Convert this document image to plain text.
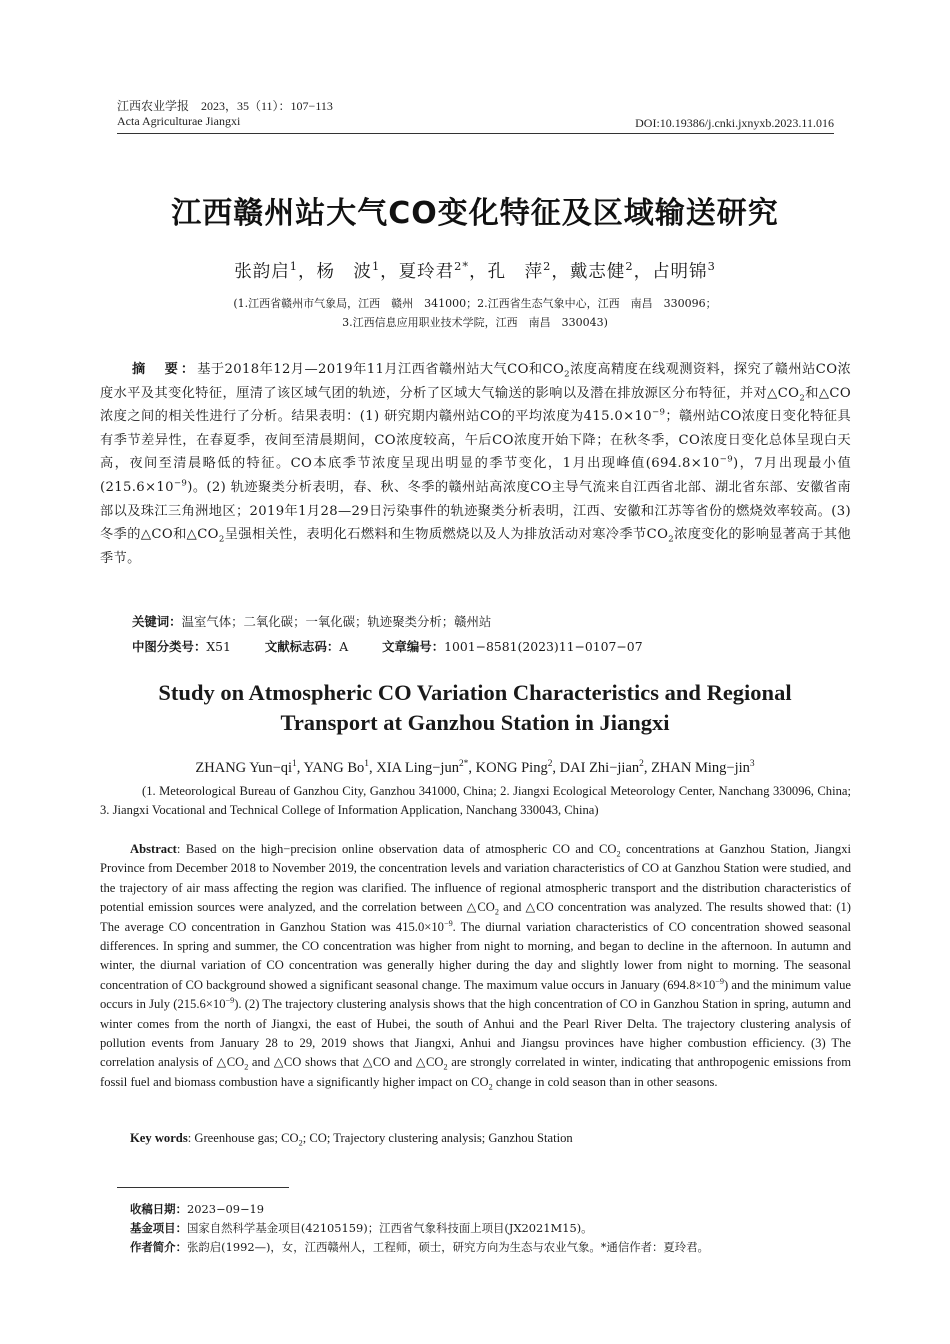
江西农业学报　2023，35（11）：107−113
Acta Agriculturae Jiangxi	DOI:10.19386/j.cnki.jxnyxb.2023.11.016
江西赣州站大气CO变化特征及区域输送研究
张韵启$^1$，杨　波$^1$，夏玲君$^{2*}$，孔　萍$^2$，戴志健$^2$，占明锦$^3$
(1.江西省赣州市气象局，江西　赣州　341000；2.江西省生态气象中心，江西　南昌　330096；
3.江西信息应用职业技术学院，江西　南昌　330043)
摘　要：基于2018年12月—2019年11月江西省赣州站大气CO和$CO_2$浓度高精度在线观测资料，探究了赣州站CO浓度水平及其变化特征，厘清了该区域气团的轨迹，分析了区域大气输送的影响以及潜在排放源区分布特征，并对$\triangle CO_2$和△CO浓度之间的相关性进行了分析。结果表明：(1) 研究期内赣州站CO的平均浓度为$415.0\times 10^{-9}$；赣州站CO浓度日变化特征具有季节差异性，在春夏季，夜间至清晨期间，CO浓度较高，午后CO浓度开始下降；在秋冬季，CO浓度日变化总体呈现白天高，夜间至清晨略低的特征。CO本底季节浓度呈现出明显的季节变化，1月出现峰值$(694.8\times 10^{-9})$，7月出现最小值$(215.6\times 10^{-9})$。(2) 轨迹聚类分析表明，春、秋、冬季的赣州站高浓度CO主导气流来自江西省北部、湖北省东部、安徽省南部以及珠江三角洲地区；2019年1月28—29日污染事件的轨迹聚类分析表明，江西、安徽和江苏等省份的燃烧效率较高。(3) 冬季的△CO和$\triangle CO_2$呈强相关性，表明化石燃料和生物质燃烧以及人为排放活动对寒冷季节$CO_2$浓度变化的影响显著高于其他季节。
关键词：温室气体；二氧化碳；一氧化碳；轨迹聚类分析；赣州站
中图分类号：X51	文献标志码：A	文章编号：1001−8581(2023)11−0107−07
Study on Atmospheric CO Variation Characteristics and Regional
Transport at Ganzhou Station in Jiangxi
ZHANG $Yun-qi^1$, YANG Bo$^1$, XIA Ling−jun$^{2*}$, KONG Ping$^2$, DAI Zhi−jian$^2$, ZHAN Ming−jin$^3$
(1. Meteorological Bureau of Ganzhou City, Ganzhou 341000, China; 2. Jiangxi Ecological Meteorology Center, Nanchang 330096, China; 3. Jiangxi Vocational and Technical College of Information Application, Nanchang 330043, China)
Abstract: Based on the high−precision online observation data of atmospheric CO and $CO_2$ concentrations at Ganzhou Station, Jiangxi Province from December 2018 to November 2019, the concentration levels and variation characteristics of CO at Ganzhou Station were studied, and the trajectory of air mass affecting the region was clarified. The influence of regional atmospheric transport and the distribution characteristics of potential emission sources were analyzed, and the correlation between $\triangle CO_2$ and △CO concentration was analyzed. The results showed that: (1) The average CO concentration in Ganzhou Station was $415.0\times 10^{-9}$. The diurnal variation characteristics of CO concentration showed seasonal differences. In spring and summer, the CO concentration was higher from night to morning, and began to decline in the afternoon. In autumn and winter, the diurnal variation of CO concentration was generally higher during the day and slightly lower from night to morning. The seasonal concentration of CO background showed a significant seasonal change. The maximum value occurs in January $(694.8\times 10^{-9})$ and the minimum value occurs in July $(215.6\times 10^{-9})$. (2) The trajectory clustering analysis shows that the high concentration of CO in Ganzhou Station in spring, autumn and winter comes from the north of Jiangxi, the east of Hubei, the south of Anhui and the Pearl River Delta. The trajectory clustering analysis of pollution events from January 28 to 29, 2019 shows that Jiangxi, Anhui and Jiangsu provinces have higher combustion efficiency. (3) The correlation analysis of $\triangle CO_2$ and △CO shows that △CO and $\triangle CO_2$ are strongly correlated in winter, indicating that anthropogenic emissions from fossil fuel and biomass combustion have a significantly higher impact on $CO_2$ change in cold season than in other seasons.
Key words: Greenhouse gas; $CO_2$; CO; Trajectory clustering analysis; Ganzhou Station
收稿日期：2023−09−19
基金项目：国家自然科学基金项目(42105159)；江西省气象科技面上项目(JX2021M15)。
作者简介：张韵启(1992—)，女，江西赣州人，工程师，硕士，研究方向为生态与农业气象。*通信作者：夏玲君。
